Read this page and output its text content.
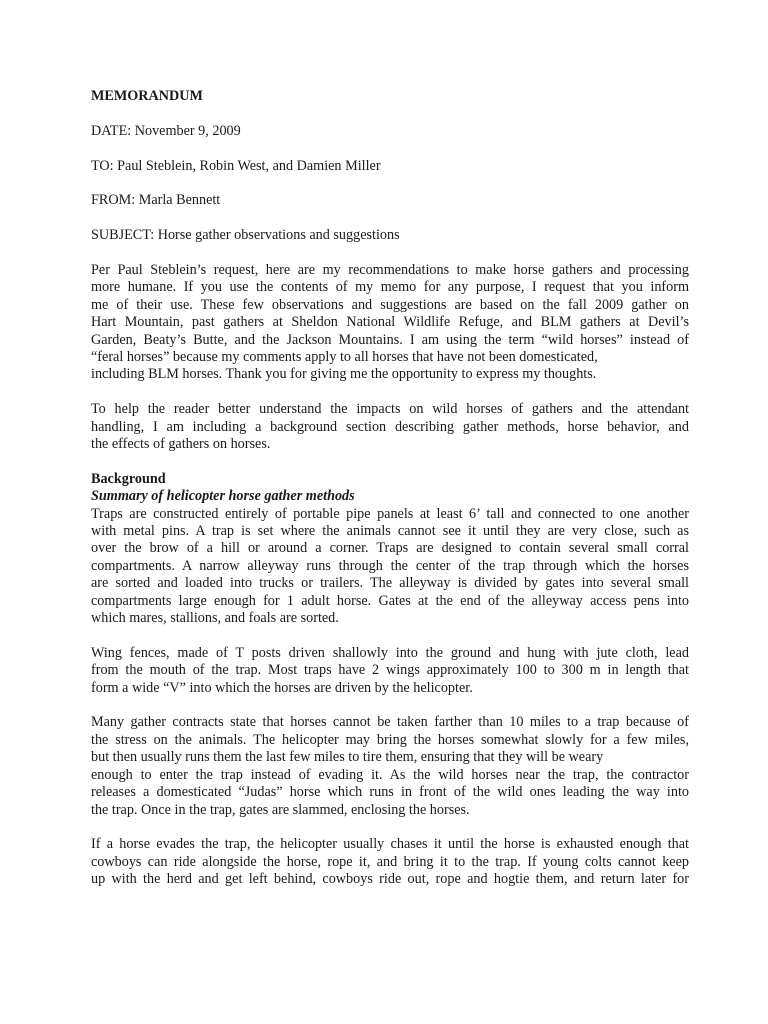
MEMORANDUM
DATE: November 9, 2009
TO: Paul Steblein, Robin West, and Damien Miller
FROM: Marla Bennett
SUBJECT: Horse gather observations and suggestions
Per Paul Steblein’s request, here are my recommendations to make horse gathers and processing
more humane. If you use the contents of my memo for any purpose, I request that you inform
me of their use. These few observations and suggestions are based on the fall 2009 gather on
Hart Mountain, past gathers at Sheldon National Wildlife Refuge, and BLM gathers at Devil’s
Garden, Beaty’s Butte, and the Jackson Mountains. I am using the term “wild horses” instead of
“feral horses” because my comments apply to all horses that have not been domesticated,
including BLM horses. Thank you for giving me the opportunity to express my thoughts.
To help the reader better understand the impacts on wild horses of gathers and the attendant
handling, I am including a background section describing gather methods, horse behavior, and
the effects of gathers on horses.
Background
Summary of helicopter horse gather methods
Traps are constructed entirely of portable pipe panels at least 6’ tall and connected to one another
with metal pins. A trap is set where the animals cannot see it until they are very close, such as
over the brow of a hill or around a corner. Traps are designed to contain several small corral
compartments. A narrow alleyway runs through the center of the trap through which the horses
are sorted and loaded into trucks or trailers. The alleyway is divided by gates into several small
compartments large enough for 1 adult horse. Gates at the end of the alleyway access pens into
which mares, stallions, and foals are sorted.
Wing fences, made of T posts driven shallowly into the ground and hung with jute cloth, lead
from the mouth of the trap. Most traps have 2 wings approximately 100 to 300 m in length that
form a wide “V” into which the horses are driven by the helicopter.
Many gather contracts state that horses cannot be taken farther than 10 miles to a trap because of
the stress on the animals. The helicopter may bring the horses somewhat slowly for a few miles,
but then usually runs them the last few miles to tire them, ensuring that they will be weary
enough to enter the trap instead of evading it. As the wild horses near the trap, the contractor
releases a domesticated “Judas” horse which runs in front of the wild ones leading the way into
the trap. Once in the trap, gates are slammed, enclosing the horses.
If a horse evades the trap, the helicopter usually chases it until the horse is exhausted enough that
cowboys can ride alongside the horse, rope it, and bring it to the trap. If young colts cannot keep
up with the herd and get left behind, cowboys ride out, rope and hogtie them, and return later for
